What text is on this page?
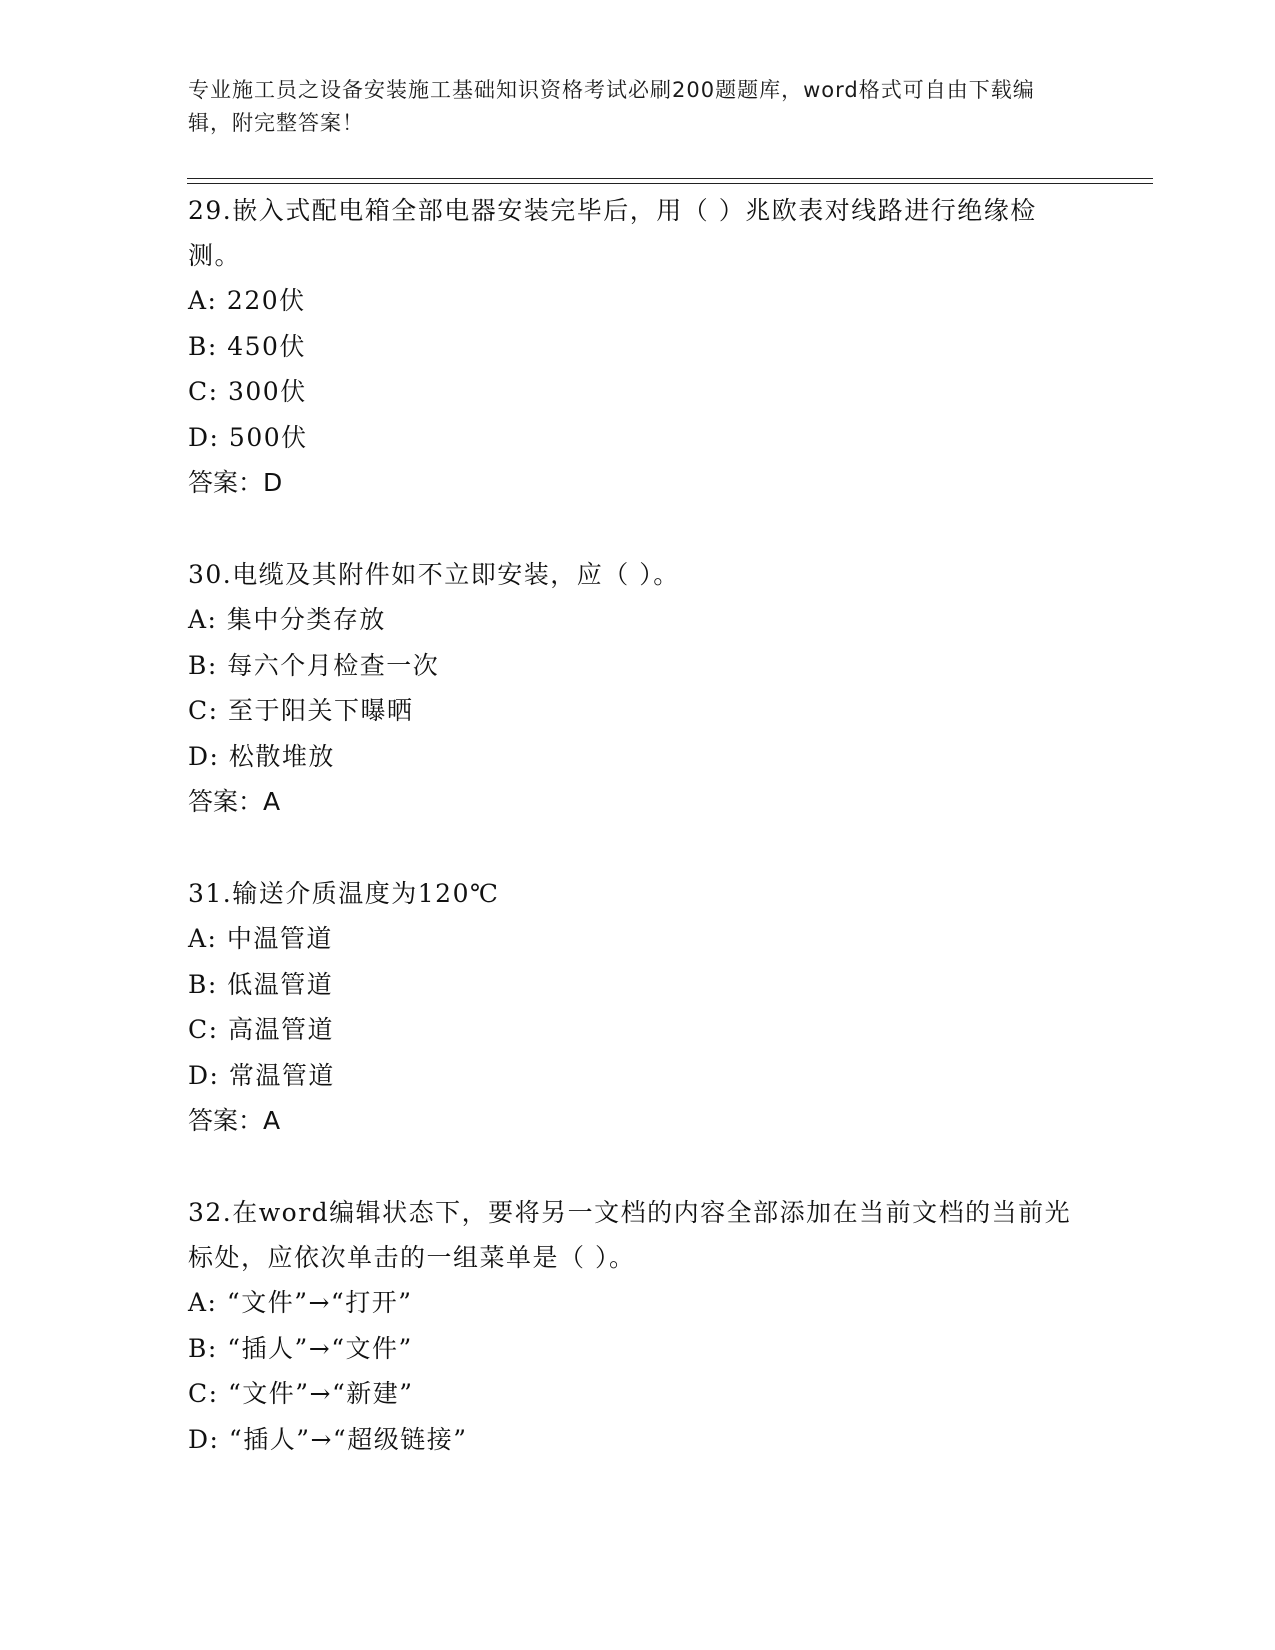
专业施工员之设备安装施工基础知识资格考试必刷200题题库，word格式可自由下载编辑，附完整答案！

29.嵌入式配电箱全部电器安装完毕后，用（ ）兆欧表对线路进行绝缘检测。

A: 220伏

B: 450伏

C: 300伏

D: 500伏

答案：D

30.电缆及其附件如不立即安装，应（ ）。

A: 集中分类存放

B: 每六个月检查一次

C: 至于阳关下曝晒

D: 松散堆放

答案：A

31.输送介质温度为120℃

A: 中温管道

B: 低温管道

C: 高温管道

D: 常温管道

答案：A

32.在word编辑状态下，要将另一文档的内容全部添加在当前文档的当前光标处，应依次单击的一组菜单是（ ）。

A: “文件”→“打开”

B: “插人”→“文件”

C: “文件”→“新建”

D: “插人”→“超级链接”
